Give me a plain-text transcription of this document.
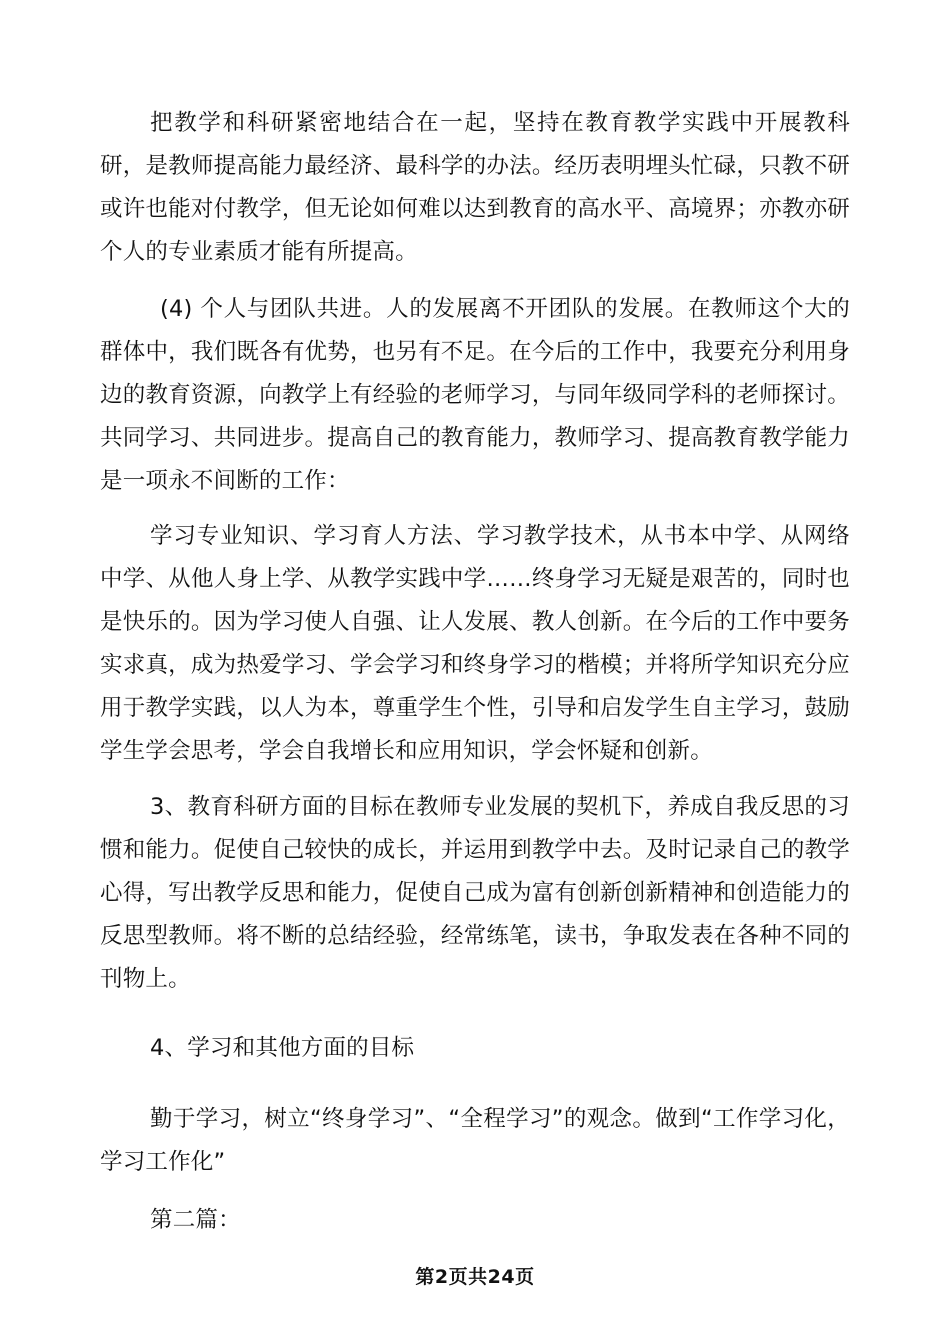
把教学和科研紧密地结合在一起，坚持在教育教学实践中开展教科研，是教师提高能力最经济、最科学的办法。经历表明埋头忙碌，只教不研或许也能对付教学，但无论如何难以达到教育的高水平、高境界；亦教亦研个人的专业素质才能有所提高。

(4) 个人与团队共进。人的发展离不开团队的发展。在教师这个大的群体中，我们既各有优势，也另有不足。在今后的工作中，我要充分利用身边的教育资源，向教学上有经验的老师学习，与同年级同学科的老师探讨。共同学习、共同进步。提高自己的教育能力，教师学习、提高教育教学能力是一项永不间断的工作：

学习专业知识、学习育人方法、学习教学技术，从书本中学、从网络中学、从他人身上学、从教学实践中学……终身学习无疑是艰苦的，同时也是快乐的。因为学习使人自强、让人发展、教人创新。在今后的工作中要务实求真，成为热爱学习、学会学习和终身学习的楷模；并将所学知识充分应用于教学实践，以人为本，尊重学生个性，引导和启发学生自主学习，鼓励学生学会思考，学会自我增长和应用知识，学会怀疑和创新。

3、教育科研方面的目标在教师专业发展的契机下，养成自我反思的习惯和能力。促使自己较快的成长，并运用到教学中去。及时记录自己的教学心得，写出教学反思和能力，促使自己成为富有创新创新精神和创造能力的反思型教师。将不断的总结经验，经常练笔，读书，争取发表在各种不同的刊物上。

4、学习和其他方面的目标

勤于学习，树立“终身学习”、“全程学习”的观念。做到“工作学习化，学习工作化”

第二篇：

第2页共24页
